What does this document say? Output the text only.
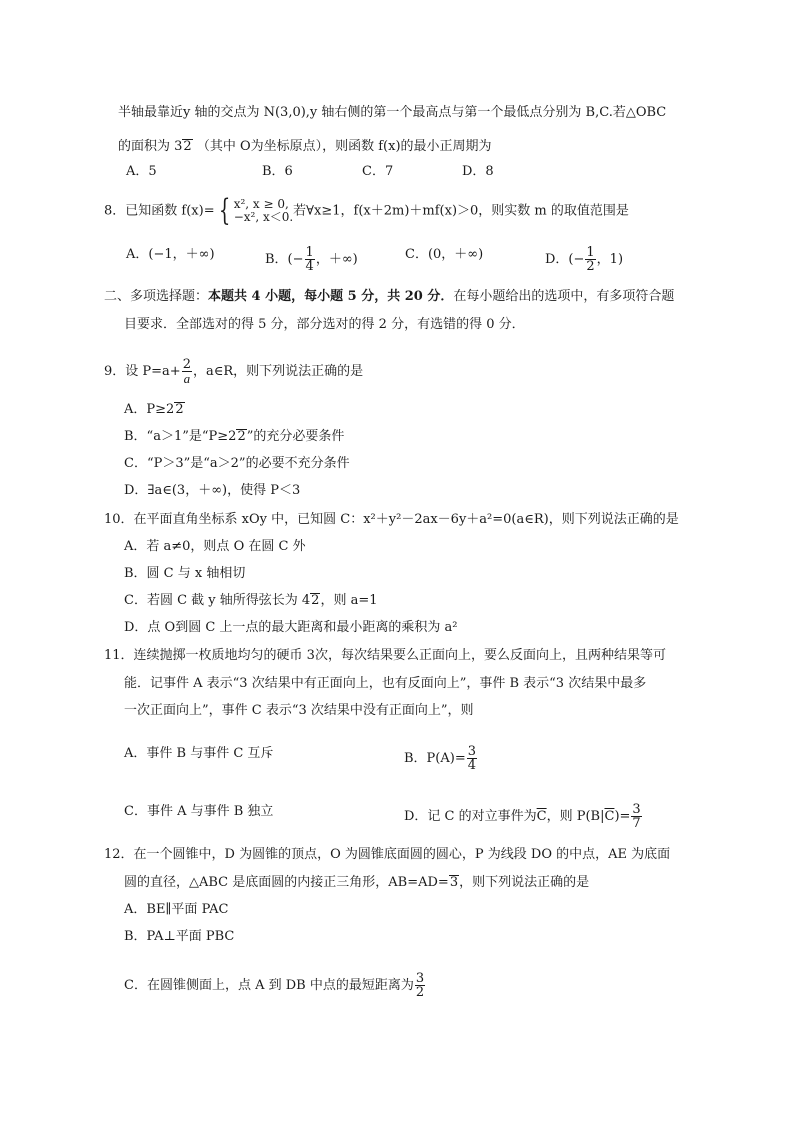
半轴最靠近y 轴的交点为 N(3,0),y 轴右侧的第一个最高点与第一个最低点分别为 B,C.若△OBC
的面积为 32 （其中 O为坐标原点），则函数 f(x)的最小正周期为
A．5	B．6	C．7	D．8
8．已知函数 f(x)= { x², x ≥ 0,
−x², x＜0. 若∀x≥1，f(x＋2m)＋mf(x)＞0，则实数 m 的取值范围是
A．(−1，＋∞)	B．(− $\frac{1}{4}$ ，＋∞)	C．(0，＋∞)	D．(− $\frac{1}{2}$ ，1)
二、多项选择题：本题共 4 小题，每小题 5 分，共 20 分．在每小题给出的选项中，有多项符合题
目要求．全部选对的得 5 分，部分选对的得 2 分，有选错的得 0 分．
9．设 $P=a+ \frac{2}{a}$ ，a∈R，则下列说法正确的是
A．P≥22
B．“a＞1”是“P≥22”的充分必要条件
C．“P＞3”是“a＞2”的必要不充分条件
D．∃a∈(3，＋∞)，使得 P＜3
10．在平面直角坐标系 xOy 中，已知圆 C：x²＋y²－2ax－6y＋a²=0(a∈R)，则下列说法正确的是
A．若 a≠0，则点 O 在圆 C 外
B．圆 C 与 x 轴相切
C．若圆 C 截 y 轴所得弦长为 42，则 a=1
D．点 O到圆 C 上一点的最大距离和最小距离的乘积为 a²
11．连续抛掷一枚质地均匀的硬币 3次，每次结果要么正面向上，要么反面向上，且两种结果等可
能．记事件 A 表示“3 次结果中有正面向上，也有反面向上”，事件 B 表示“3 次结果中最多
一次正面向上”，事件 C 表示“3 次结果中没有正面向上”，则
A．事件 B 与事件 C 互斥	B．$P(A)= \frac{3}{4}$
C．事件 A 与事件 B 独立	D．记 C 的对立事件为$\overline{C}$，则 $P(B|\overline{C})= \frac{3}{7}$
12．在一个圆锥中，D 为圆锥的顶点，O 为圆锥底面圆的圆心，P 为线段 DO 的中点，AE 为底面
圆的直径，△ABC 是底面圆的内接正三角形，AB=AD=3，则下列说法正确的是
A．BE∥平面 PAC
B．PA⊥平面 PBC
C．在圆锥侧面上，点 A 到 DB 中点的最短距离为 $\frac{3}{2}$
